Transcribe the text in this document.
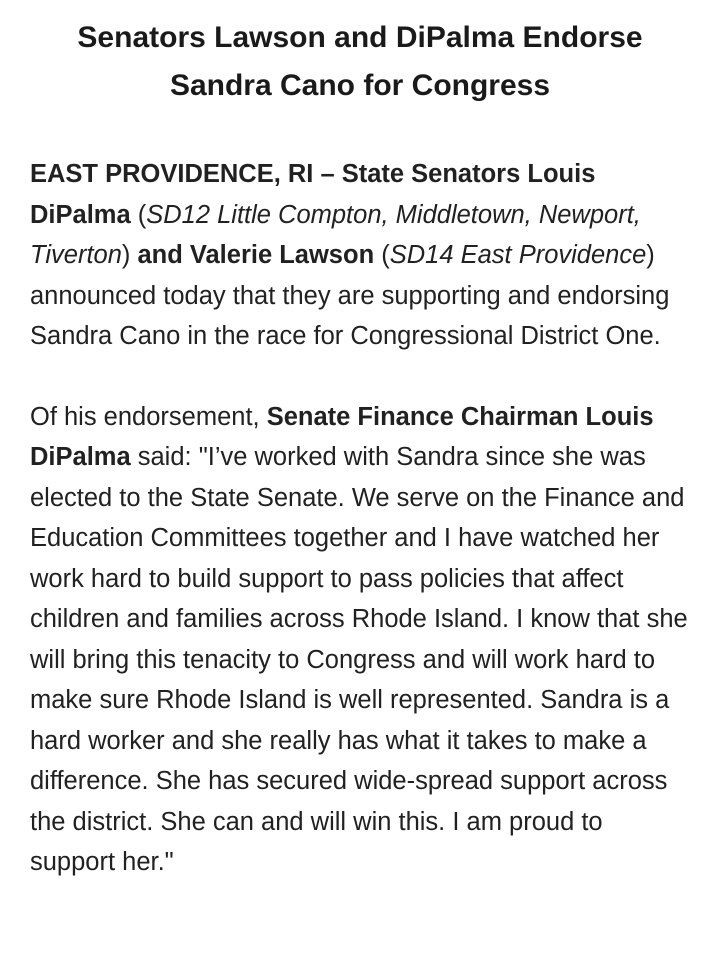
Senators Lawson and DiPalma Endorse
Sandra Cano for Congress

EAST PROVIDENCE, RI – State Senators Louis DiPalma (SD12 Little Compton, Middletown, Newport, Tiverton) and Valerie Lawson (SD14 East Providence) announced today that they are supporting and endorsing Sandra Cano in the race for Congressional District One.

Of his endorsement, Senate Finance Chairman Louis DiPalma said: "I’ve worked with Sandra since she was elected to the State Senate. We serve on the Finance and Education Committees together and I have watched her work hard to build support to pass policies that affect children and families across Rhode Island. I know that she will bring this tenacity to Congress and will work hard to make sure Rhode Island is well represented. Sandra is a hard worker and she really has what it takes to make a difference. She has secured wide-spread support across the district. She can and will win this. I am proud to support her."
